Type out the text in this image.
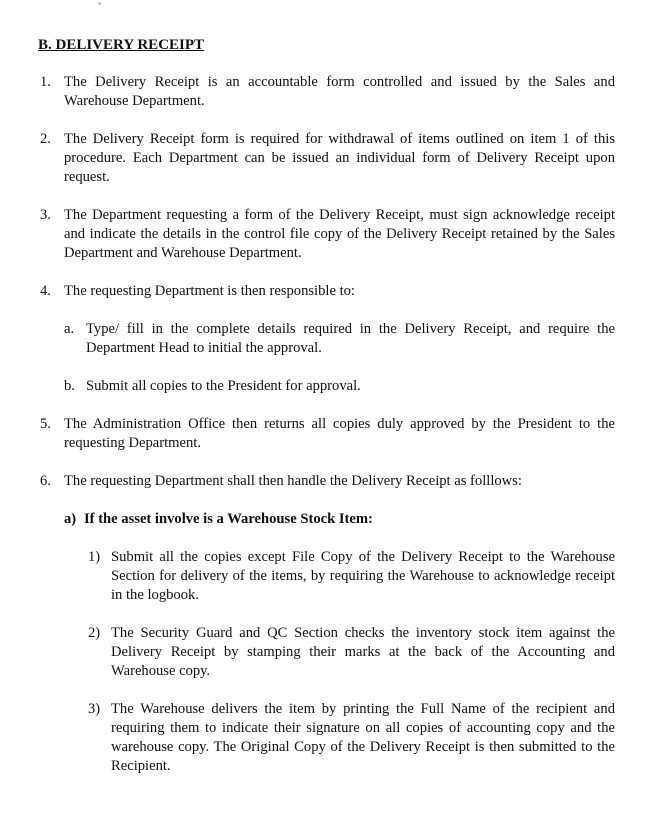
B. DELIVERY RECEIPT
1. The Delivery Receipt is an accountable form controlled and issued by the Sales and Warehouse Department.
2. The Delivery Receipt form is required for withdrawal of items outlined on item 1 of this procedure. Each Department can be issued an individual form of Delivery Receipt upon request.
3. The Department requesting a form of the Delivery Receipt, must sign acknowledge receipt and indicate the details in the control file copy of the Delivery Receipt retained by the Sales Department and Warehouse Department.
4. The requesting Department is then responsible to:
a. Type/ fill in the complete details required in the Delivery Receipt, and require the Department Head to initial the approval.
b. Submit all copies to the President for approval.
5. The Administration Office then returns all copies duly approved by the President to the requesting Department.
6. The requesting Department shall then handle the Delivery Receipt as folllows:
a) If the asset involve is a Warehouse Stock Item:
1) Submit all the copies except File Copy of the Delivery Receipt to the Warehouse Section for delivery of the items, by requiring the Warehouse to acknowledge receipt in the logbook.
2) The Security Guard and QC Section checks the inventory stock item against the Delivery Receipt by stamping their marks at the back of the Accounting and Warehouse copy.
3) The Warehouse delivers the item by printing the Full Name of the recipient and requiring them to indicate their signature on all copies of accounting copy and the warehouse copy. The Original Copy of the Delivery Receipt is then submitted to the Recipient.
